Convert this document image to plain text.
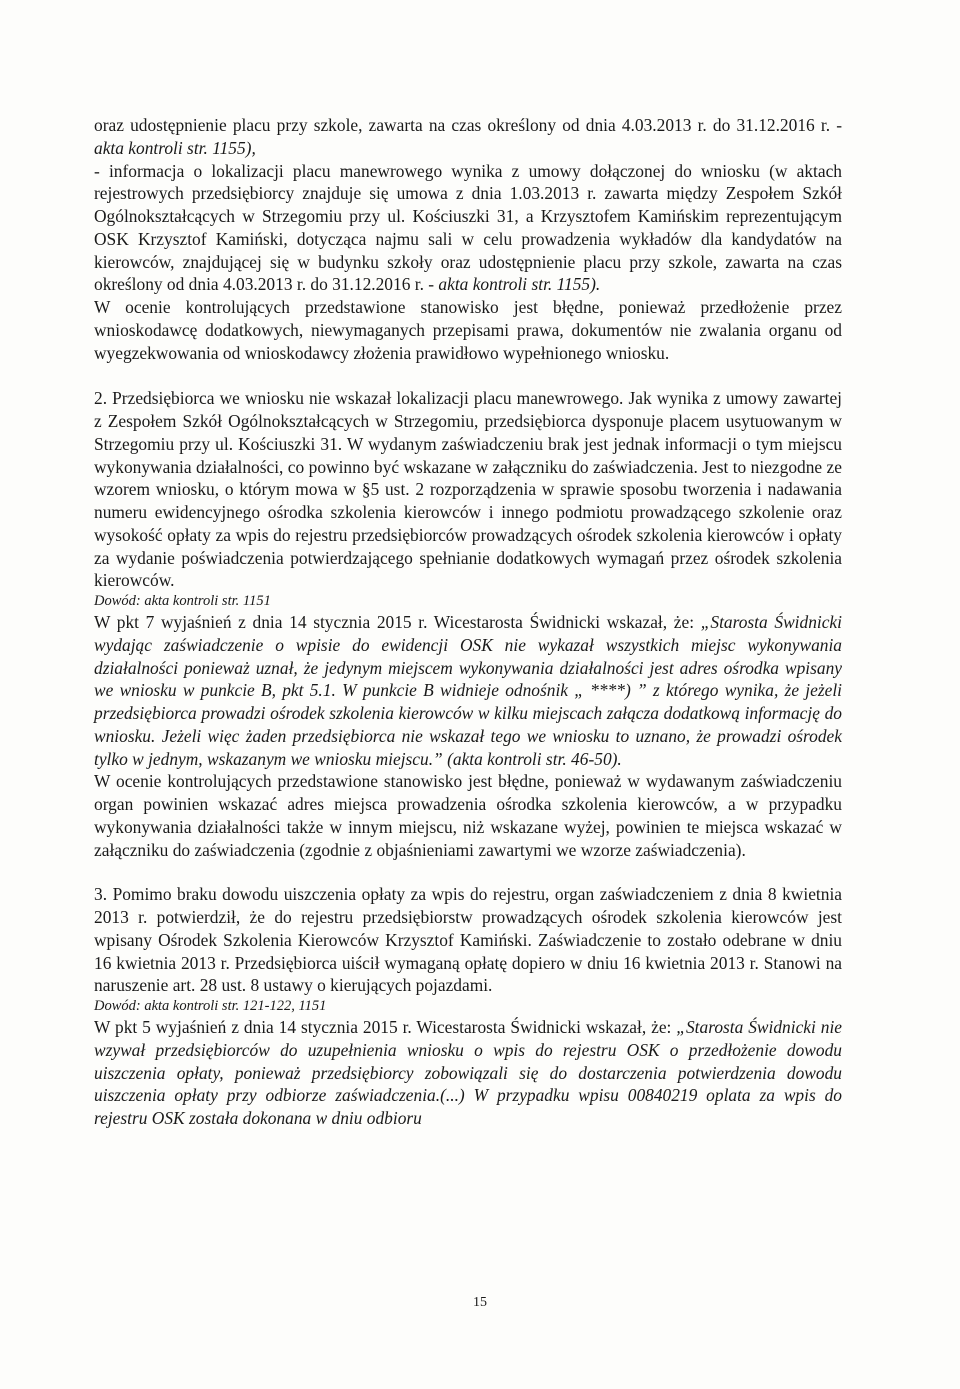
oraz udostępnienie placu przy szkole, zawarta na czas określony od dnia 4.03.2013 r. do 31.12.2016 r. - akta kontroli str. 1155),

- informacja o lokalizacji placu manewrowego wynika z umowy dołączonej do wniosku (w aktach rejestrowych przedsiębiorcy znajduje się umowa z dnia 1.03.2013 r. zawarta między Zespołem Szkół Ogólnokształcących w Strzegomiu przy ul. Kościuszki 31, a Krzysztofem Kamińskim reprezentującym OSK Krzysztof Kamiński, dotycząca najmu sali w celu prowadzenia wykładów dla kandydatów na kierowców, znajdującej się w budynku szkoły oraz udostępnienie placu przy szkole, zawarta na czas określony od dnia 4.03.2013 r. do 31.12.2016 r. - akta kontroli str. 1155).

W ocenie kontrolujących przedstawione stanowisko jest błędne, ponieważ przedłożenie przez wnioskodawcę dodatkowych, niewymaganych przepisami prawa, dokumentów nie zwalania organu od wyegzekwowania od wnioskodawcy złożenia prawidłowo wypełnionego wniosku.

2. Przedsiębiorca we wniosku nie wskazał lokalizacji placu manewrowego. Jak wynika z umowy zawartej z Zespołem Szkół Ogólnokształcących w Strzegomiu, przedsiębiorca dysponuje placem usytuowanym w Strzegomiu przy ul. Kościuszki 31. W wydanym zaświadczeniu brak jest jednak informacji o tym miejscu wykonywania działalności, co powinno być wskazane w załączniku do zaświadczenia. Jest to niezgodne ze wzorem wniosku, o którym mowa w §5 ust. 2 rozporządzenia w sprawie sposobu tworzenia i nadawania numeru ewidencyjnego ośrodka szkolenia kierowców i innego podmiotu prowadzącego szkolenie oraz wysokość opłaty za wpis do rejestru przedsiębiorców prowadzących ośrodek szkolenia kierowców i opłaty za wydanie poświadczenia potwierdzającego spełnianie dodatkowych wymagań przez ośrodek szkolenia kierowców.

Dowód: akta kontroli str. 1151

W pkt 7 wyjaśnień z dnia 14 stycznia 2015 r. Wicestarosta Świdnicki wskazał, że: „Starosta Świdnicki wydając zaświadczenie o wpisie do ewidencji OSK nie wykazał wszystkich miejsc wykonywania działalności ponieważ uznał, że jedynym miejscem wykonywania działalności jest adres ośrodka wpisany we wniosku w punkcie B, pkt 5.1. W punkcie B widnieje odnośnik „ ****) ” z którego wynika, że jeżeli przedsiębiorca prowadzi ośrodek szkolenia kierowców w kilku miejscach załącza dodatkową informację do wniosku. Jeżeli więc żaden przedsiębiorca nie wskazał tego we wniosku to uznano, że prowadzi ośrodek tylko w jednym, wskazanym we wniosku miejscu.” (akta kontroli str. 46-50).

W ocenie kontrolujących przedstawione stanowisko jest błędne, ponieważ w wydawanym zaświadczeniu organ powinien wskazać adres miejsca prowadzenia ośrodka szkolenia kierowców, a w przypadku wykonywania działalności także w innym miejscu, niż wskazane wyżej, powinien te miejsca wskazać w załączniku do zaświadczenia (zgodnie z objaśnieniami zawartymi we wzorze zaświadczenia).

3. Pomimo braku dowodu uiszczenia opłaty za wpis do rejestru, organ zaświadczeniem z dnia 8 kwietnia 2013 r. potwierdził, że do rejestru przedsiębiorstw prowadzących ośrodek szkolenia kierowców jest wpisany Ośrodek Szkolenia Kierowców Krzysztof Kamiński. Zaświadczenie to zostało odebrane w dniu 16 kwietnia 2013 r. Przedsiębiorca uiścił wymaganą opłatę dopiero w dniu 16 kwietnia 2013 r. Stanowi na naruszenie art. 28 ust. 8 ustawy o kierujących pojazdami.

Dowód: akta kontroli str. 121-122, 1151

W pkt 5 wyjaśnień z dnia 14 stycznia 2015 r. Wicestarosta Świdnicki wskazał, że: „Starosta Świdnicki nie wzywał przedsiębiorców do uzupełnienia wniosku o wpis do rejestru OSK o przedłożenie dowodu uiszczenia opłaty, ponieważ przedsiębiorcy zobowiązali się do dostarczenia potwierdzenia dowodu uiszczenia opłaty przy odbiorze zaświadczenia.(...) W przypadku wpisu 00840219 oplata za wpis do rejestru OSK została dokonana w dniu odbioru

15
